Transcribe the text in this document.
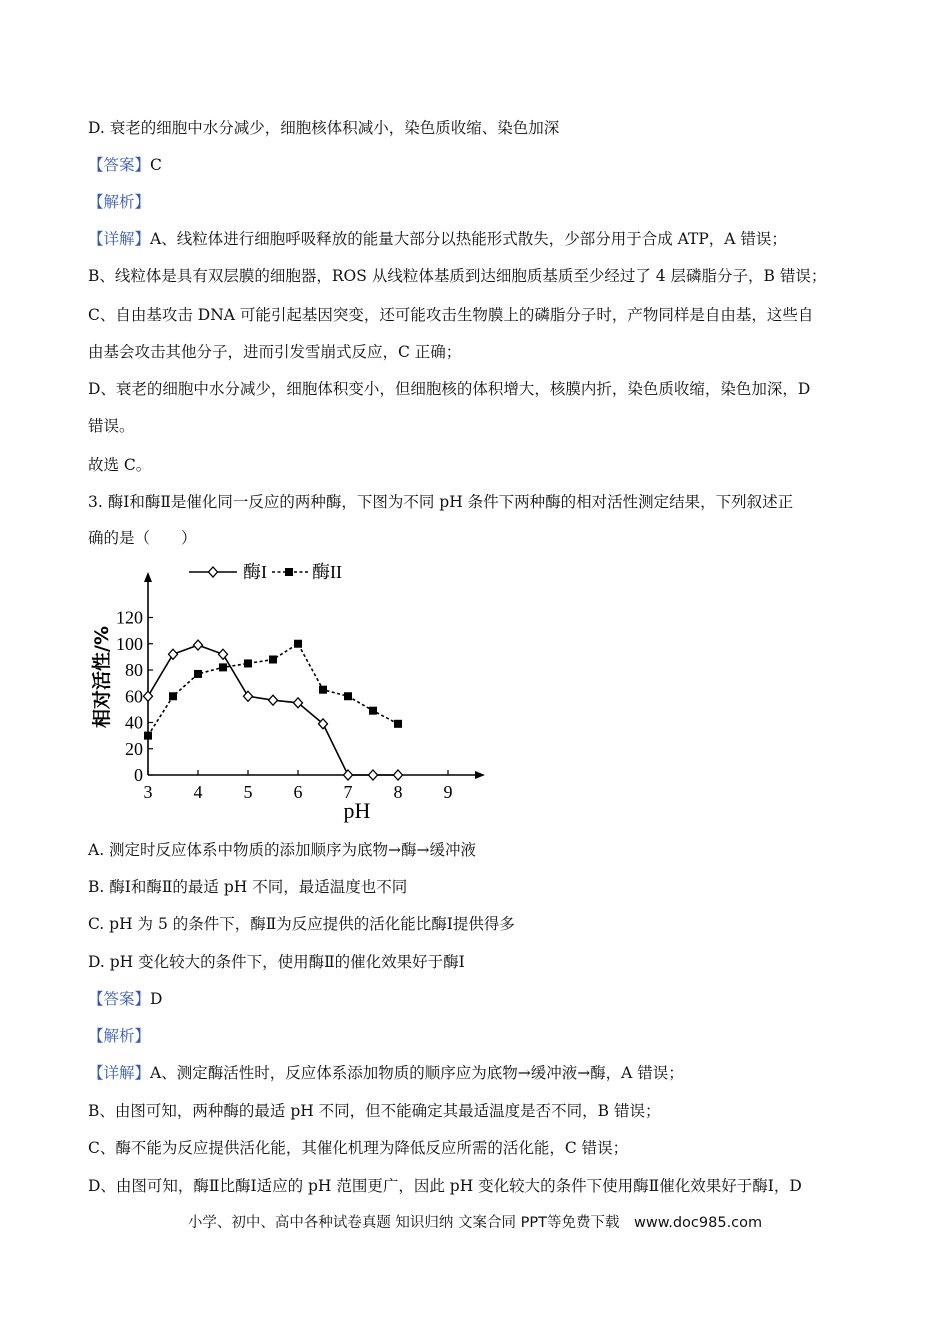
D. 衰老的细胞中水分减少，细胞核体积减小，染色质收缩、染色加深
【答案】C
【解析】
【详解】A、线粒体进行细胞呼吸释放的能量大部分以热能形式散失，少部分用于合成 ATP，A 错误；
B、线粒体是具有双层膜的细胞器，ROS 从线粒体基质到达细胞质基质至少经过了 4 层磷脂分子，B 错误；
C、自由基攻击 DNA 可能引起基因突变，还可能攻击生物膜上的磷脂分子时，产物同样是自由基，这些自
由基会攻击其他分子，进而引发雪崩式反应，C 正确；
D、衰老的细胞中水分减少，细胞体积变小，但细胞核的体积增大，核膜内折，染色质收缩，染色加深，D
错误。
故选 C。
3. 酶Ⅰ和酶Ⅱ是催化同一反应的两种酶，下图为不同 pH 条件下两种酶的相对活性测定结果，下列叙述正
确的是（　　）
A. 测定时反应体系中物质的添加顺序为底物→酶→缓冲液
B. 酶Ⅰ和酶Ⅱ的最适 pH 不同，最适温度也不同
C. pH 为 5 的条件下，酶Ⅱ为反应提供的活化能比酶Ⅰ提供得多
D. pH 变化较大的条件下，使用酶Ⅱ的催化效果好于酶Ⅰ
【答案】D
【解析】
【详解】A、测定酶活性时，反应体系添加物质的顺序应为底物→缓冲液→酶，A 错误；
B、由图可知，两种酶的最适 pH 不同，但不能确定其最适温度是否不同，B 错误；
C、酶不能为反应提供活化能，其催化机理为降低反应所需的活化能，C 错误；
D、由图可知，酶Ⅱ比酶Ⅰ适应的 pH 范围更广，因此 pH 变化较大的条件下使用酶Ⅱ催化效果好于酶Ⅰ，D
3 4 5 6 7 8 9
0
20
40
60
80
100
120
酶I	酶II
相对活性/%
pH
小学、初中、高中各种试卷真题 知识归纳 文案合同 PPT等免费下载　www.doc985.com
